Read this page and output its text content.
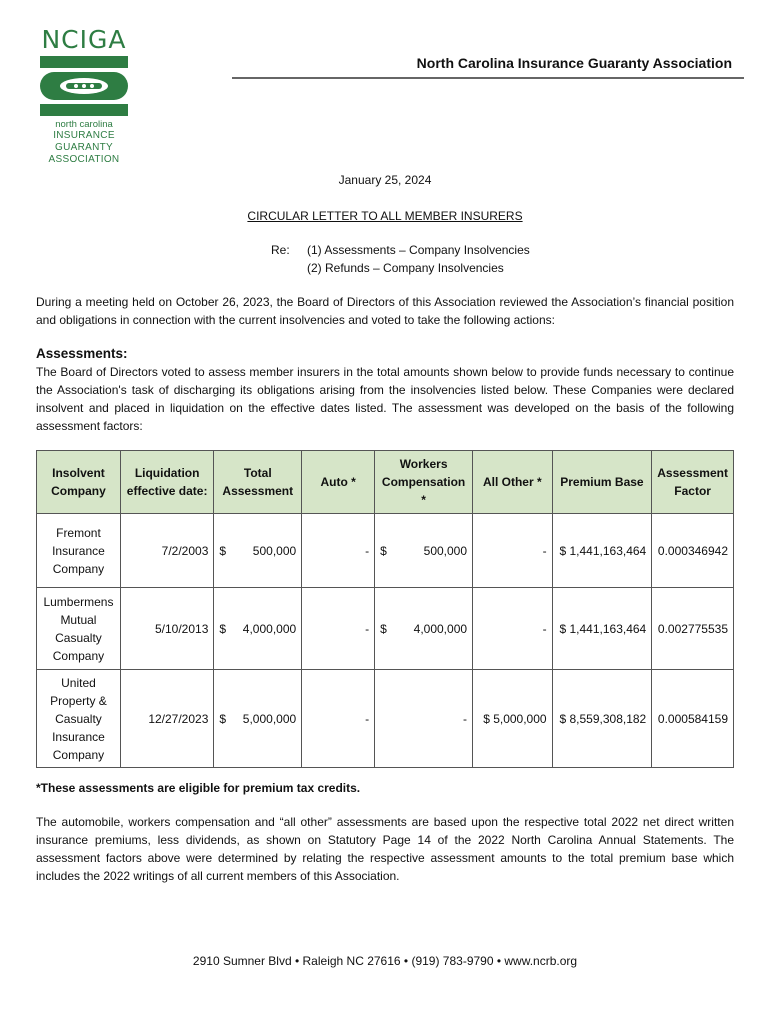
NCIGA
north carolina
INSURANCE GUARANTY
ASSOCIATION
North Carolina Insurance Guaranty Association
January 25, 2024
CIRCULAR LETTER TO ALL MEMBER INSURERS
Re: (1) Assessments – Company Insolvencies
(2) Refunds – Company Insolvencies
During a meeting held on October 26, 2023, the Board of Directors of this Association reviewed the Association’s financial position and obligations in connection with the current insolvencies and voted to take the following actions:
Assessments:
The Board of Directors voted to assess member insurers in the total amounts shown below to provide funds necessary to continue the Association's task of discharging its obligations arising from the insolvencies listed below. These Companies were declared insolvent and placed in liquidation on the effective dates listed. The assessment was developed on the basis of the following assessment factors:
Insolvent Company	Liquidation effective date:	Total Assessment	Auto *	Workers Compensation *	All Other *	Premium Base	Assessment Factor
Fremont Insurance Company	7/2/2003	$ 500,000	-	$ 500,000	-	$ 1,441,163,464	0.000346942
Lumbermens Mutual Casualty Company	5/10/2013	$ 4,000,000	-	$ 4,000,000	-	$ 1,441,163,464	0.002775535
United Property & Casualty Insurance Company	12/27/2023	$ 5,000,000	-	-	$ 5,000,000	$ 8,559,308,182	0.000584159
*These assessments are eligible for premium tax credits.
The automobile, workers compensation and “all other” assessments are based upon the respective total 2022 net direct written insurance premiums, less dividends, as shown on Statutory Page 14 of the 2022 North Carolina Annual Statements. The assessment factors above were determined by relating the respective assessment amounts to the total premium base which includes the 2022 writings of all current members of this Association.
2910 Sumner Blvd • Raleigh NC 27616 • (919) 783-9790 • www.ncrb.org
